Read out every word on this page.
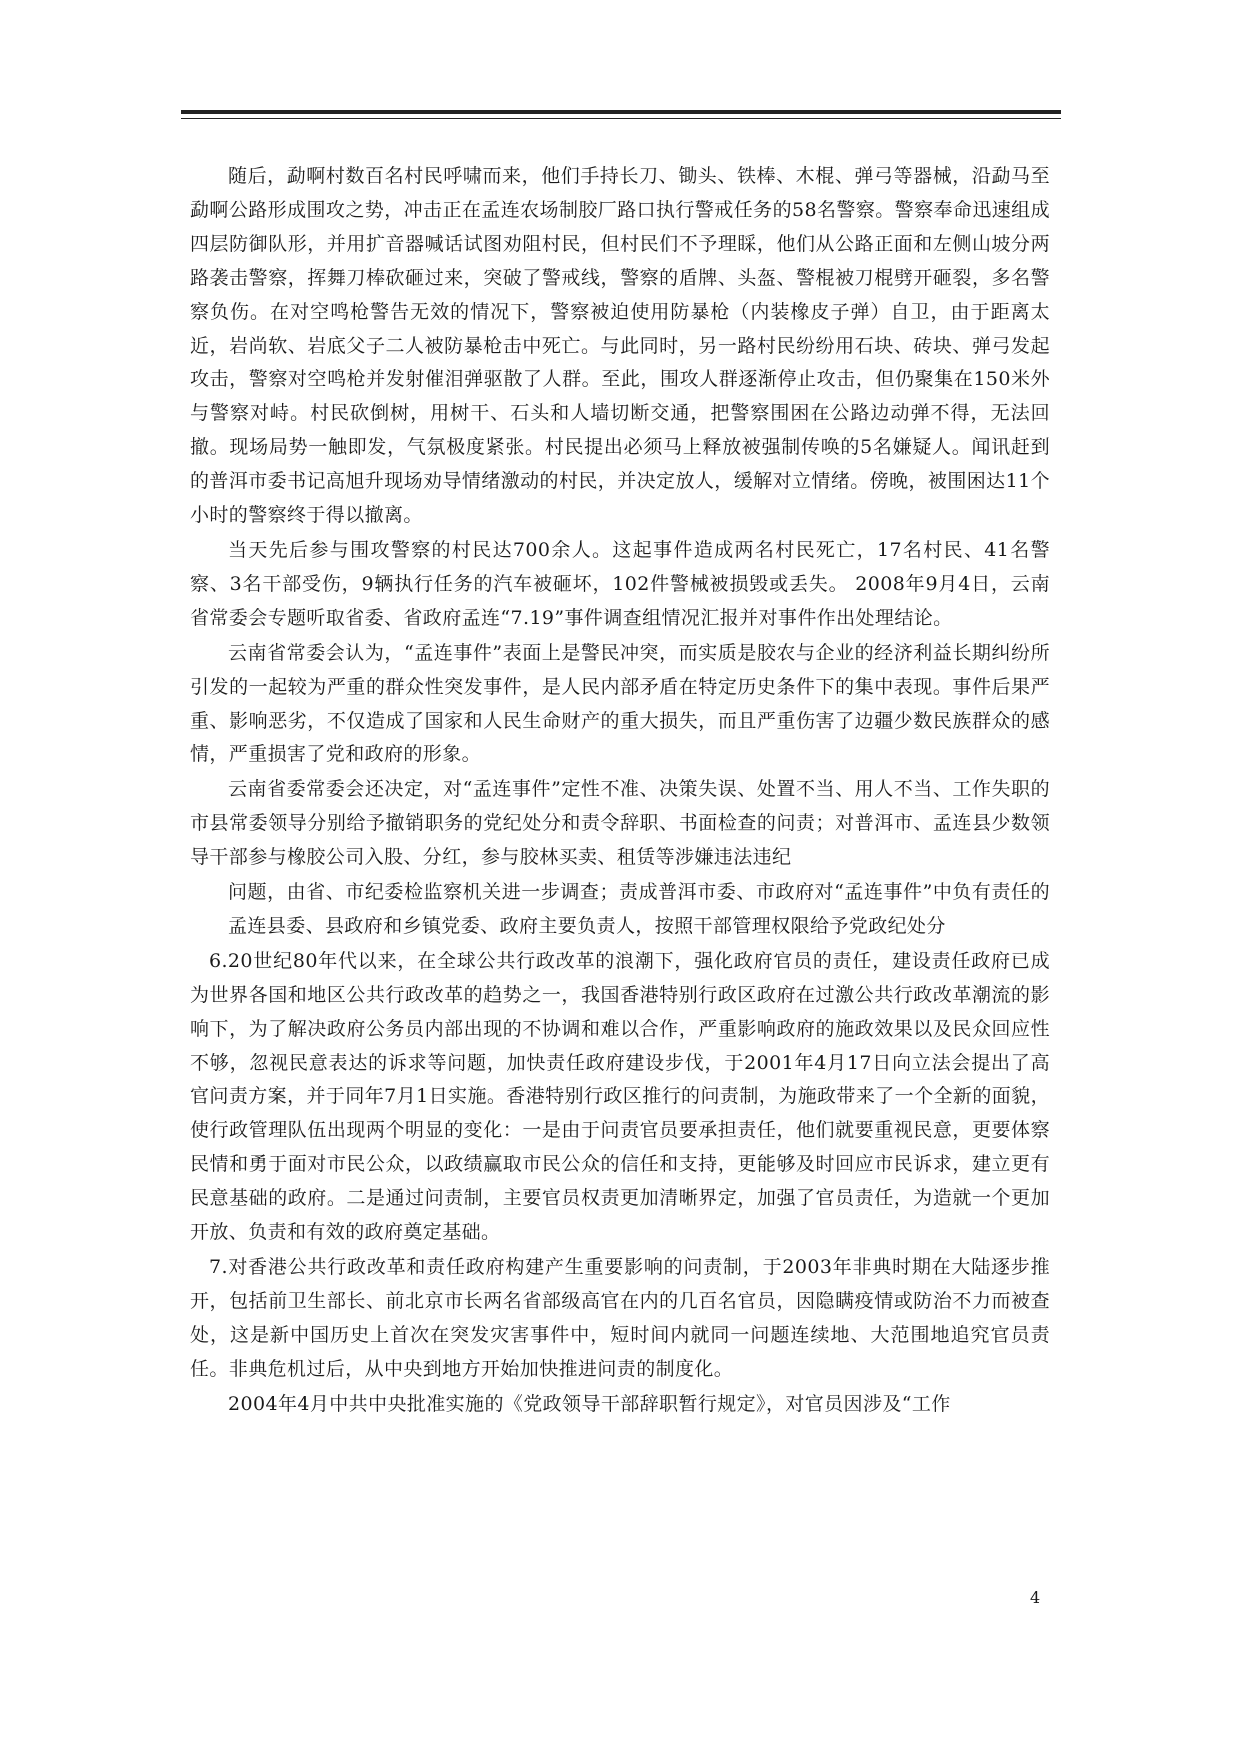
随后，勐啊村数百名村民呼啸而来，他们手持长刀、锄头、铁棒、木棍、弹弓等器械，沿勐马至勐啊公路形成围攻之势，冲击正在孟连农场制胶厂路口执行警戒任务的58名警察。警察奉命迅速组成四层防御队形，并用扩音器喊话试图劝阻村民，但村民们不予理睬，他们从公路正面和左侧山坡分两路袭击警察，挥舞刀棒砍砸过来，突破了警戒线，警察的盾牌、头盔、警棍被刀棍劈开砸裂，多名警察负伤。在对空鸣枪警告无效的情况下，警察被迫使用防暴枪（内装橡皮子弹）自卫，由于距离太近，岩尚软、岩底父子二人被防暴枪击中死亡。与此同时，另一路村民纷纷用石块、砖块、弹弓发起攻击，警察对空鸣枪并发射催泪弹驱散了人群。至此，围攻人群逐渐停止攻击，但仍聚集在150米外与警察对峙。村民砍倒树，用树干、石头和人墙切断交通，把警察围困在公路边动弹不得，无法回撤。现场局势一触即发，气氛极度紧张。村民提出必须马上释放被强制传唤的5名嫌疑人。闻讯赶到的普洱市委书记高旭升现场劝导情绪激动的村民，并决定放人，缓解对立情绪。傍晚，被围困达11个小时的警察终于得以撤离。

当天先后参与围攻警察的村民达700余人。这起事件造成两名村民死亡，17名村民、41名警察、3名干部受伤，9辆执行任务的汽车被砸坏，102件警械被损毁或丢失。 2008年9月4日，云南省常委会专题听取省委、省政府孟连“7.19”事件调查组情况汇报并对事件作出处理结论。

云南省常委会认为，“孟连事件”表面上是警民冲突，而实质是胶农与企业的经济利益长期纠纷所引发的一起较为严重的群众性突发事件，是人民内部矛盾在特定历史条件下的集中表现。事件后果严重、影响恶劣，不仅造成了国家和人民生命财产的重大损失，而且严重伤害了边疆少数民族群众的感情，严重损害了党和政府的形象。

云南省委常委会还决定，对“孟连事件”定性不准、决策失误、处置不当、用人不当、工作失职的市县常委领导分别给予撤销职务的党纪处分和责令辞职、书面检查的问责；对普洱市、孟连县少数领导干部参与橡胶公司入股、分红，参与胶林买卖、租赁等涉嫌违法违纪

问题，由省、市纪委检监察机关进一步调查；责成普洱市委、市政府对“孟连事件”中负有责任的孟连县委、县政府和乡镇党委、政府主要负责人，按照干部管理权限给予党政纪处分

6.20世纪80年代以来，在全球公共行政改革的浪潮下，强化政府官员的责任，建设责任政府已成为世界各国和地区公共行政改革的趋势之一，我国香港特别行政区政府在过激公共行政改革潮流的影响下，为了解决政府公务员内部出现的不协调和难以合作，严重影响政府的施政效果以及民众回应性不够，忽视民意表达的诉求等问题，加快责任政府建设步伐，于2001年4月17日向立法会提出了高官问责方案，并于同年7月1日实施。香港特别行政区推行的问责制，为施政带来了一个全新的面貌，使行政管理队伍出现两个明显的变化：一是由于问责官员要承担责任，他们就要重视民意，更要体察民情和勇于面对市民公众，以政绩赢取市民公众的信任和支持，更能够及时回应市民诉求，建立更有民意基础的政府。二是通过问责制，主要官员权责更加清晰界定，加强了官员责任，为造就一个更加开放、负责和有效的政府奠定基础。

7.对香港公共行政改革和责任政府构建产生重要影响的问责制，于2003年非典时期在大陆逐步推开，包括前卫生部长、前北京市长两名省部级高官在内的几百名官员，因隐瞒疫情或防治不力而被查处，这是新中国历史上首次在突发灾害事件中，短时间内就同一问题连续地、大范围地追究官员责任。非典危机过后，从中央到地方开始加快推进问责的制度化。

2004年4月中共中央批准实施的《党政领导干部辞职暂行规定》，对官员因涉及“工作

4
